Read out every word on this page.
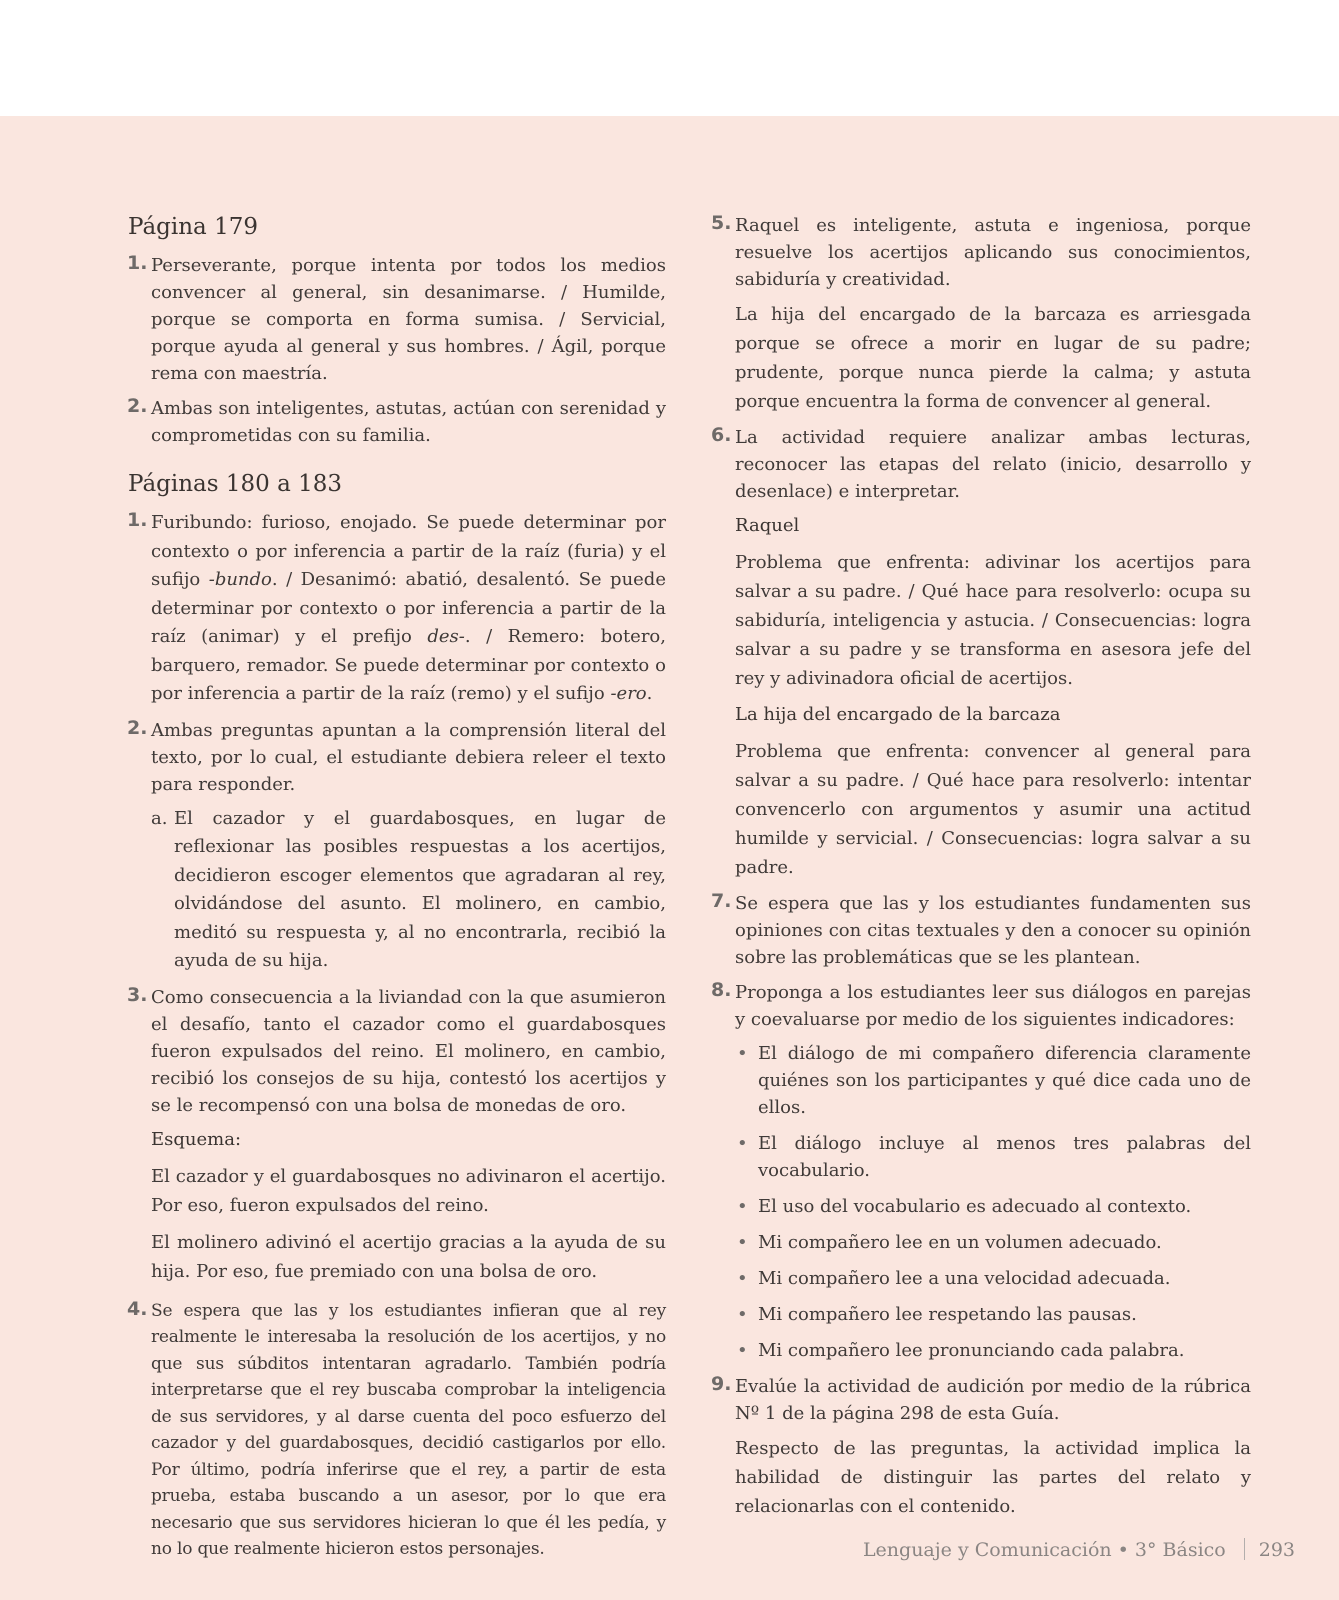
Página 179
1. Perseverante, porque intenta por todos los medios convencer al general, sin desanimarse. / Humilde, porque se comporta en forma sumisa. / Servicial, porque ayuda al general y sus hombres. / Ágil, porque rema con maestría.

2. Ambas son inteligentes, astutas, actúan con serenidad y comprometidas con su familia.

Páginas 180 a 183
1. Furibundo: furioso, enojado. Se puede determinar por contexto o por inferencia a partir de la raíz (furia) y el sufijo -bundo. / Desanimó: abatió, desalentó. Se puede determinar por contexto o por inferencia a partir de la raíz (animar) y el prefijo des-. / Remero: botero, barquero, remador. Se puede determinar por contexto o por inferencia a partir de la raíz (remo) y el sufijo -ero.

2. Ambas preguntas apuntan a la comprensión literal del texto, por lo cual, el estudiante debiera releer el texto para responder.

a. El cazador y el guardabosques, en lugar de reflexionar las posibles respuestas a los acertijos, decidieron escoger elementos que agradaran al rey, olvidándose del asunto. El molinero, en cambio, meditó su respuesta y, al no encontrarla, recibió la ayuda de su hija.

3. Como consecuencia a la liviandad con la que asumieron el desafío, tanto el cazador como el guardabosques fueron expulsados del reino. El molinero, en cambio, recibió los consejos de su hija, contestó los acertijos y se le recompensó con una bolsa de monedas de oro.

Esquema:

El cazador y el guardabosques no adivinaron el acertijo. Por eso, fueron expulsados del reino.

El molinero adivinó el acertijo gracias a la ayuda de su hija. Por eso, fue premiado con una bolsa de oro.

4. Se espera que las y los estudiantes infieran que al rey realmente le interesaba la resolución de los acertijos, y no que sus súbditos intentaran agradarlo. También podría interpretarse que el rey buscaba comprobar la inteligencia de sus servidores, y al darse cuenta del poco esfuerzo del cazador y del guardabosques, decidió castigarlos por ello. Por último, podría inferirse que el rey, a partir de esta prueba, estaba buscando a un asesor, por lo que era necesario que sus servidores hicieran lo que él les pedía, y no lo que realmente hicieron estos personajes.

5. Raquel es inteligente, astuta e ingeniosa, porque resuelve los acertijos aplicando sus conocimientos, sabiduría y creatividad.

La hija del encargado de la barcaza es arriesgada porque se ofrece a morir en lugar de su padre; prudente, porque nunca pierde la calma; y astuta porque encuentra la forma de convencer al general.

6. La actividad requiere analizar ambas lecturas, reconocer las etapas del relato (inicio, desarrollo y desenlace) e interpretar.

Raquel

Problema que enfrenta: adivinar los acertijos para salvar a su padre. / Qué hace para resolverlo: ocupa su sabiduría, inteligencia y astucia. / Consecuencias: logra salvar a su padre y se transforma en asesora jefe del rey y adivinadora oficial de acertijos.

La hija del encargado de la barcaza

Problema que enfrenta: convencer al general para salvar a su padre. / Qué hace para resolverlo: intentar convencerlo con argumentos y asumir una actitud humilde y servicial. / Consecuencias: logra salvar a su padre.

7. Se espera que las y los estudiantes fundamenten sus opiniones con citas textuales y den a conocer su opinión sobre las problemáticas que se les plantean.

8. Proponga a los estudiantes leer sus diálogos en parejas y coevaluarse por medio de los siguientes indicadores:

• El diálogo de mi compañero diferencia claramente quiénes son los participantes y qué dice cada uno de ellos.
• El diálogo incluye al menos tres palabras del vocabulario.
• El uso del vocabulario es adecuado al contexto.
• Mi compañero lee en un volumen adecuado.
• Mi compañero lee a una velocidad adecuada.
• Mi compañero lee respetando las pausas.
• Mi compañero lee pronunciando cada palabra.
9. Evalúe la actividad de audición por medio de la rúbrica Nº 1 de la página 298 de esta Guía.

Respecto de las preguntas, la actividad implica la habilidad de distinguir las partes del relato y relacionarlas con el contenido.

Lenguaje y Comunicación • 3° Básico 293
